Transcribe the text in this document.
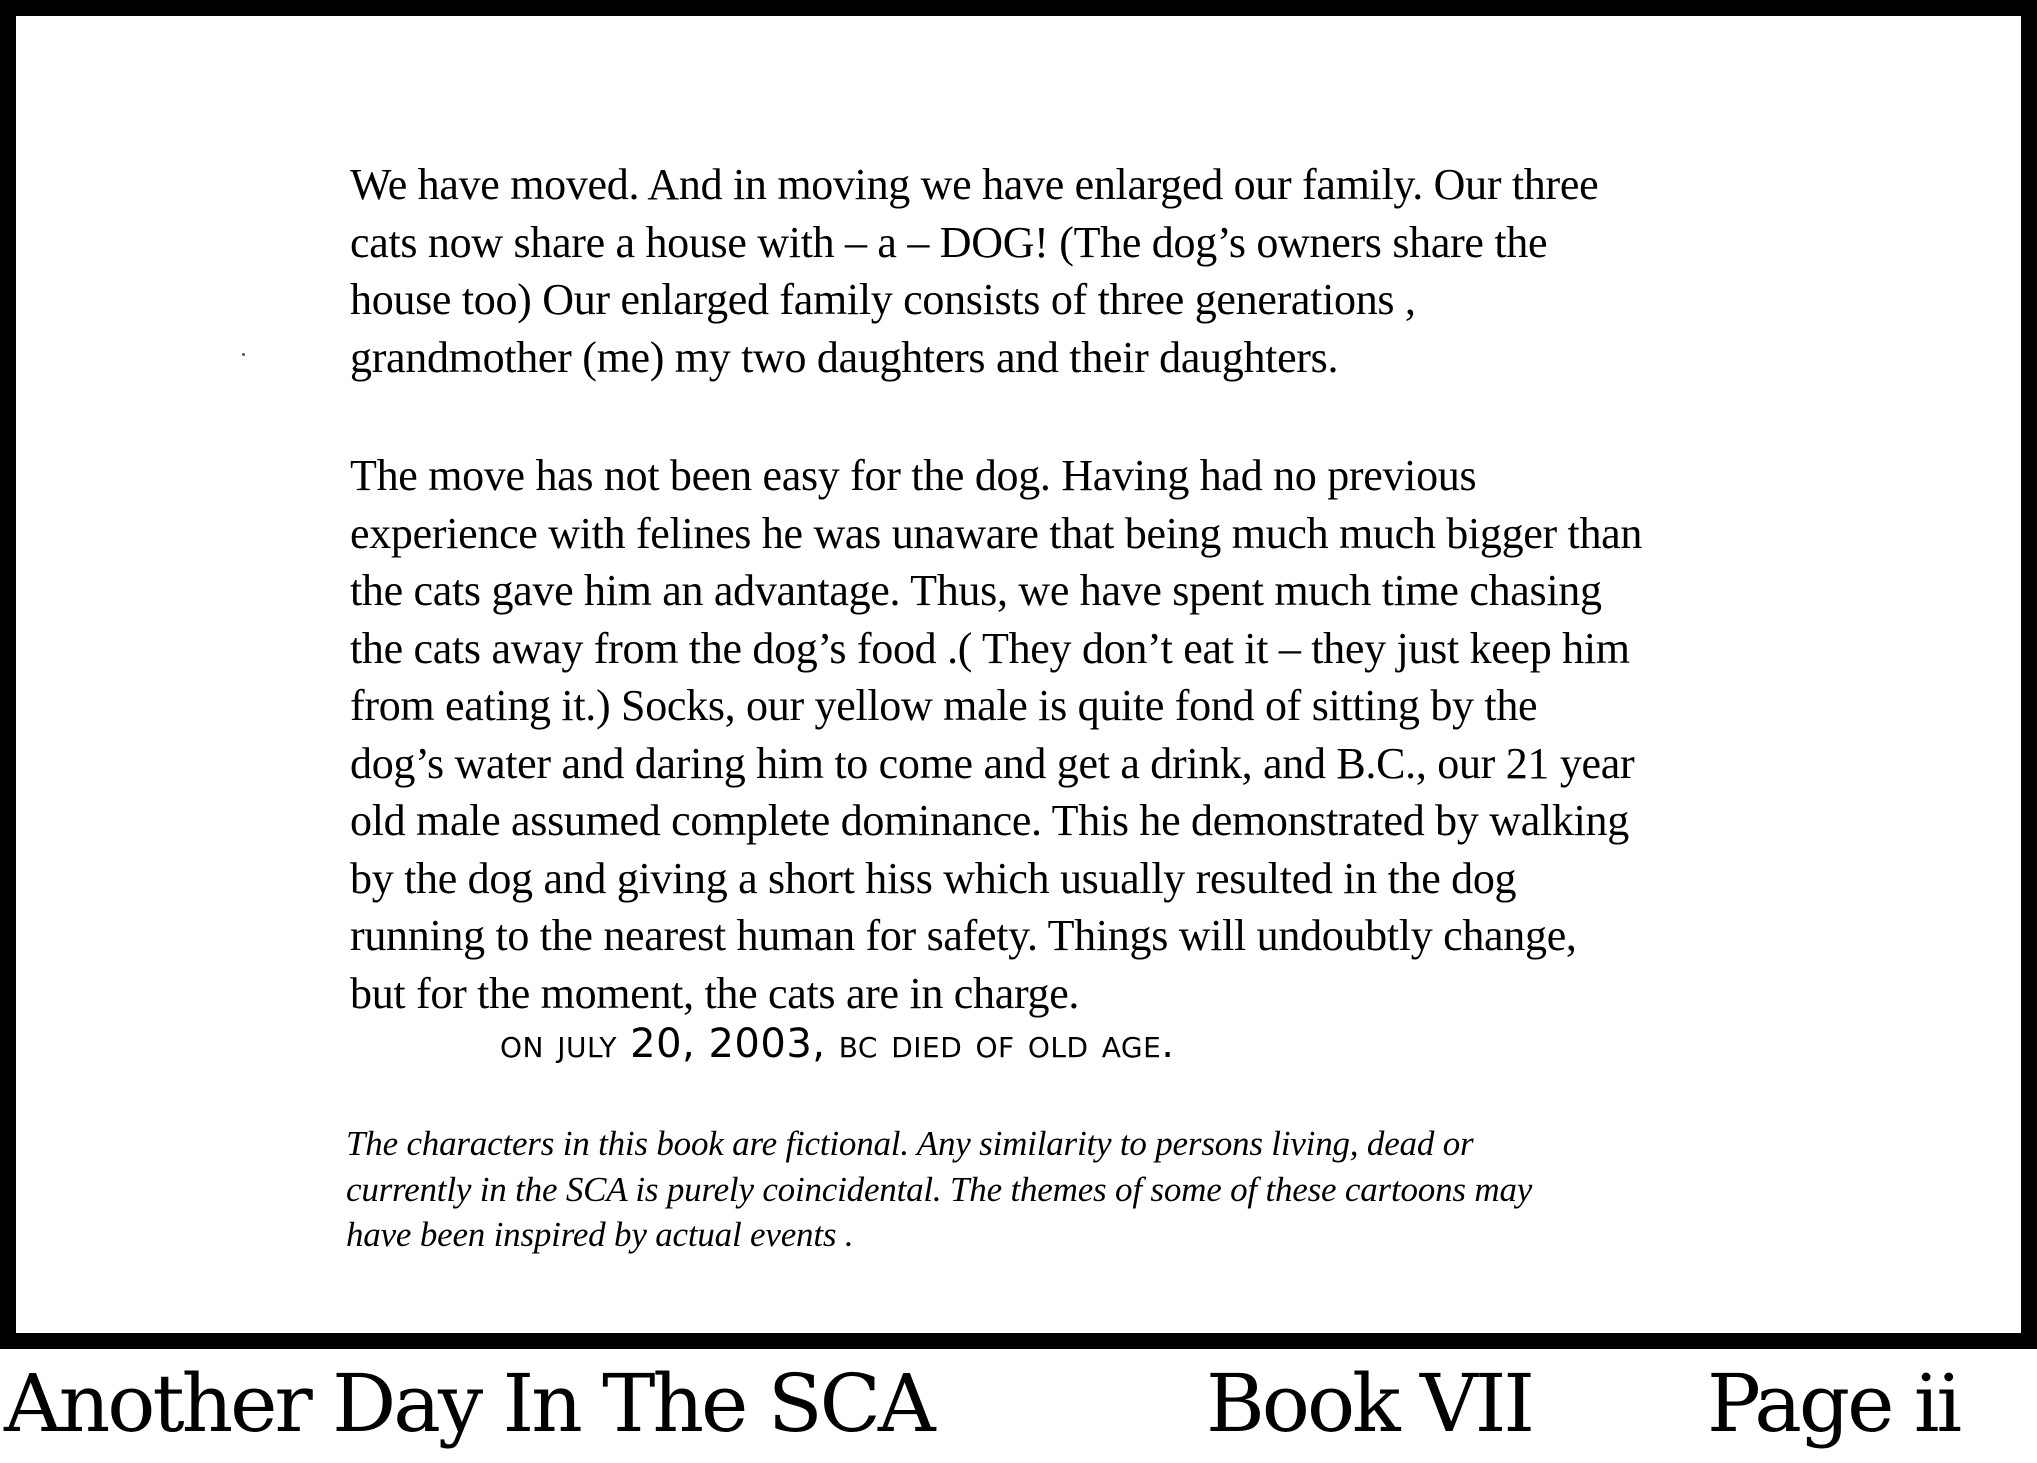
We have moved. And in moving we have enlarged our family. Our three
cats now share a house with – a – DOG! (The dog’s owners share the
house too) Our enlarged family consists of three generations ,
grandmother (me) my two daughters and their daughters.
The move has not been easy for the dog. Having had no previous
experience with felines he was unaware that being much much bigger than
the cats gave him an advantage. Thus, we have spent much time chasing
the cats away from the dog’s food .( They don’t eat it – they just keep him
from eating it.) Socks, our yellow male is quite fond of sitting by the
dog’s water and daring him to come and get a drink, and B.C., our 21 year
old male assumed complete dominance. This he demonstrated by walking
by the dog and giving a short hiss which usually resulted in the dog
running to the nearest human for safety. Things will undoubtly change,
but for the moment, the cats are in charge.
on july 20, 2003, bc died of old age.
The characters in this book are fictional. Any similarity to persons living, dead or
currently in the SCA is purely coincidental. The themes of some of these cartoons may
have been inspired by actual events .
Another Day In The SCA	Book VII Page ii
